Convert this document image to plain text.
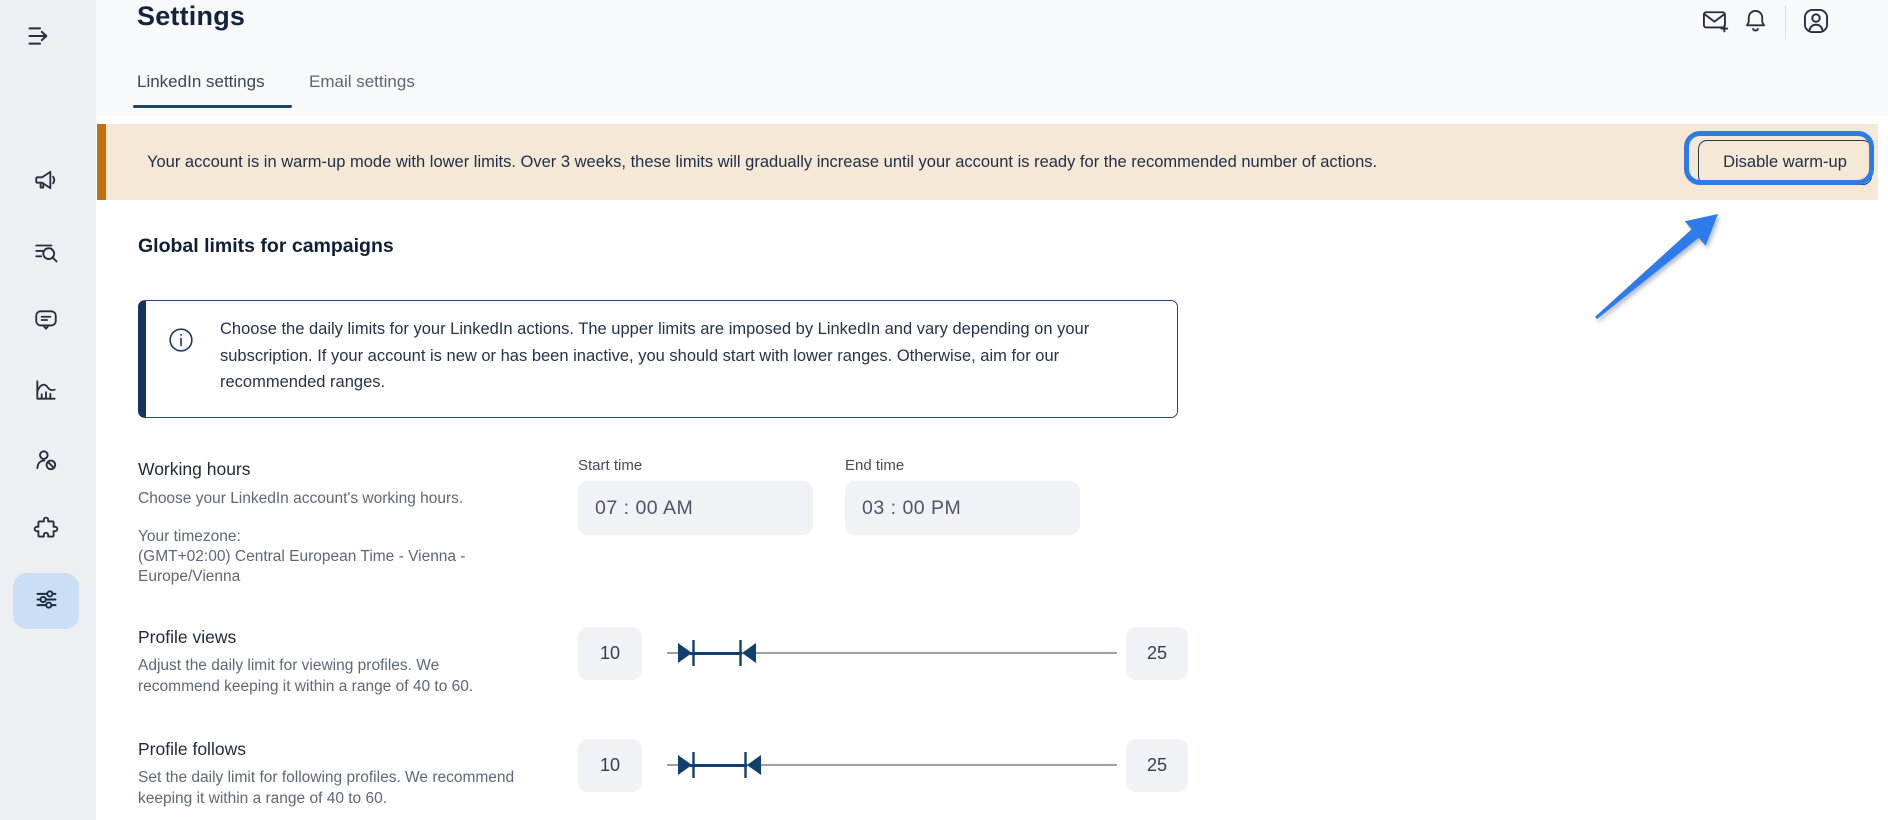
Settings
LinkedIn settings	Email settings
Your account is in warm-up mode with lower limits. Over 3 weeks, these limits will gradually increase until your account is ready for the recommended number of actions.	Disable warm-up
Global limits for campaigns
Choose the daily limits for your LinkedIn actions. The upper limits are imposed by LinkedIn and vary depending on your subscription. If your account is new or has been inactive, you should start with lower ranges. Otherwise, aim for our recommended ranges.
Working hours
Choose your LinkedIn account's working hours.
Your timezone:
(GMT+02:00) Central European Time - Vienna - Europe/Vienna
Start time
07 : 00 AM
End time
03 : 00 PM
Profile views
Adjust the daily limit for viewing profiles. We recommend keeping it within a range of 40 to 60.
10	25
Profile follows
Set the daily limit for following profiles. We recommend keeping it within a range of 40 to 60.
10	25
